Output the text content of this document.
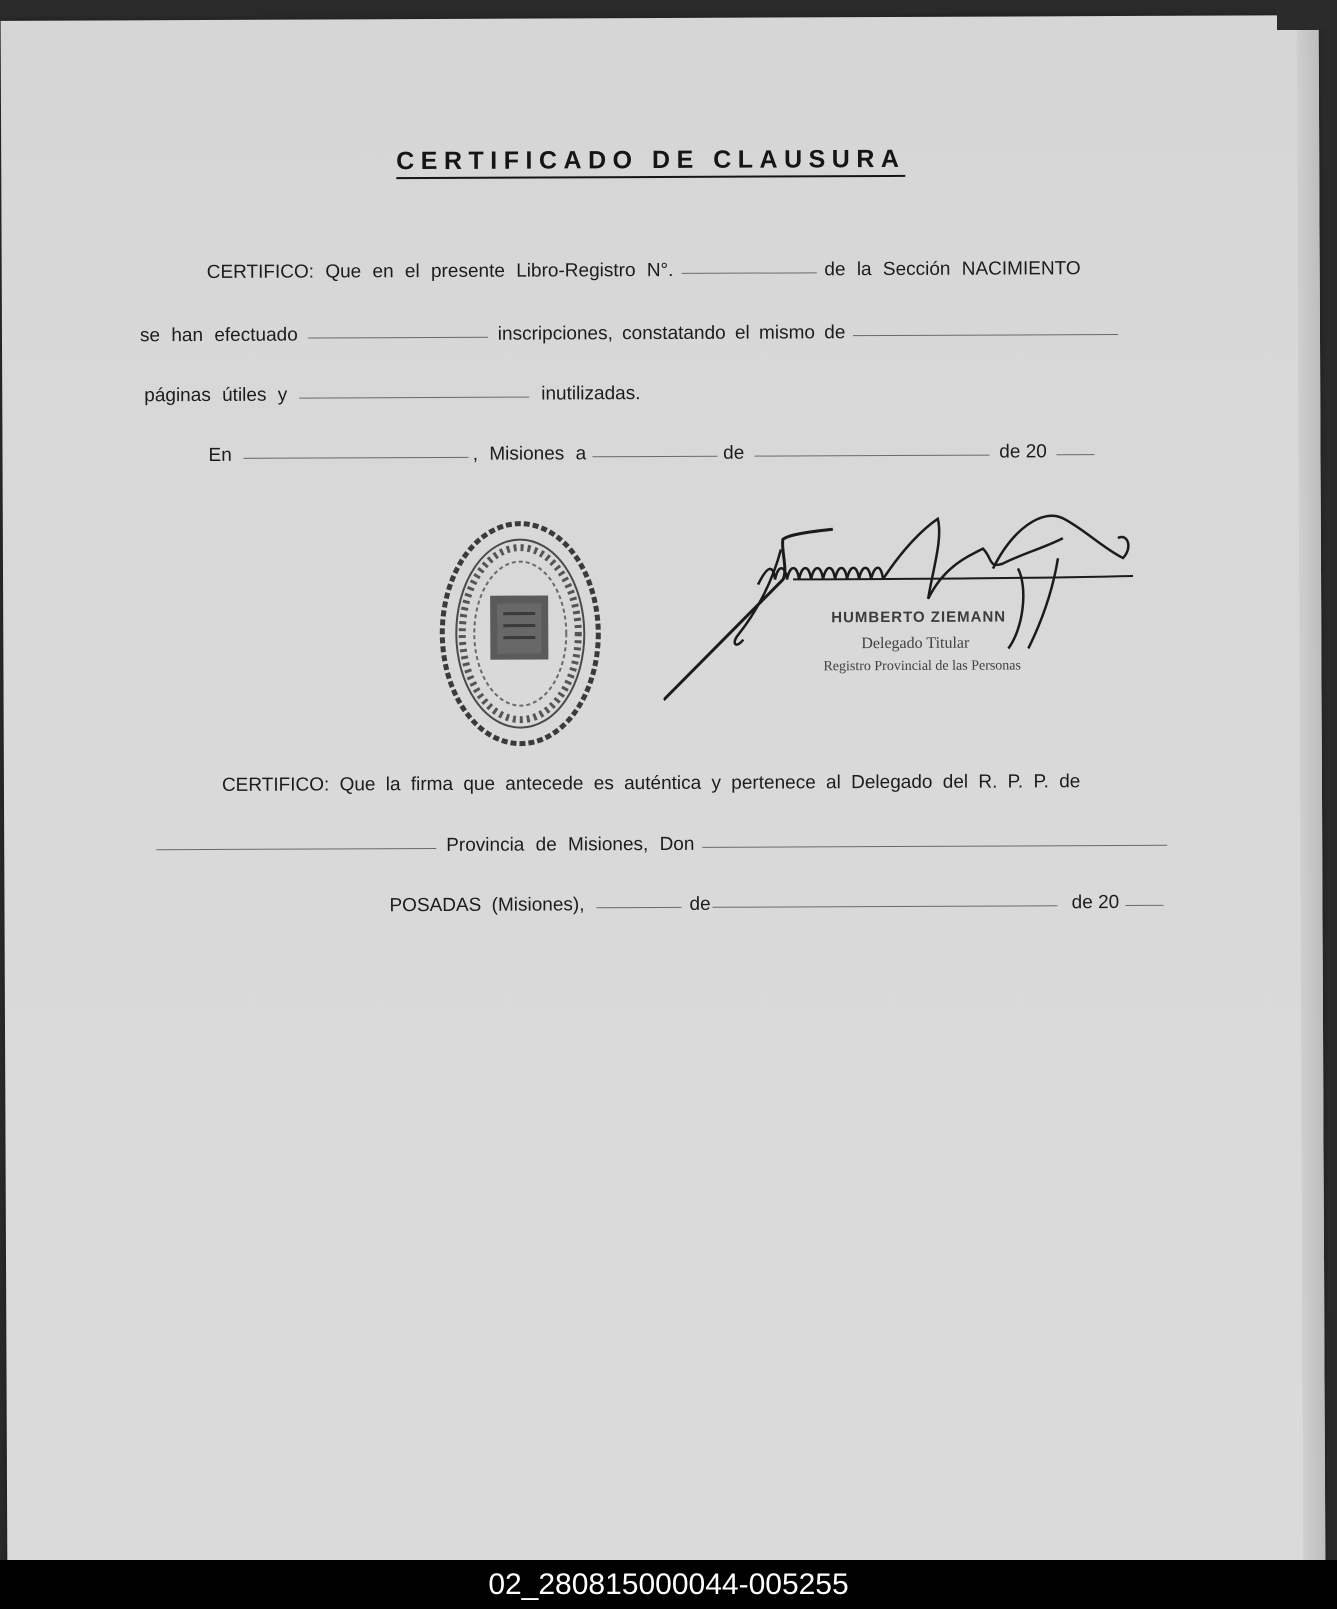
CERTIFICADO DE CLAUSURA
CERTIFICO: Que en el presente Libro-Registro N°.	de la Sección NACIMIENTO
se han efectuado	inscripciones, constatando el mismo de
páginas útiles y	inutilizadas.
En	, Misiones a	de	de 20
HUMBERTO ZIEMANN
Delegado Titular
Registro Provincial de las Personas
CERTIFICO: Que la firma que antecede es auténtica y pertenece al Delegado del R. P. P. de
Provincia de Misiones, Don
POSADAS (Misiones),	de	de 20
02_280815000044-005255
